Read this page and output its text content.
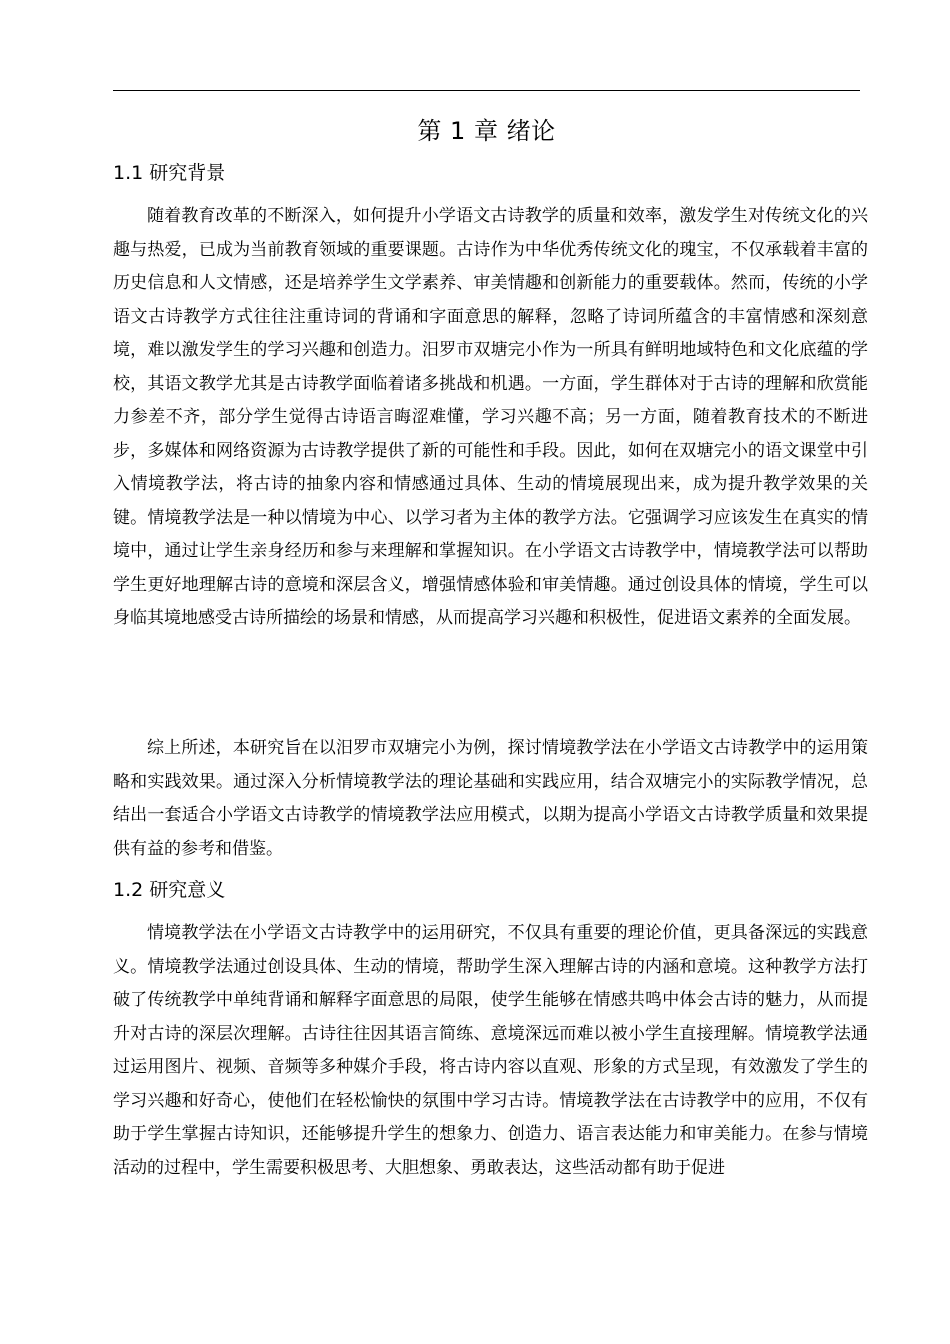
第 1 章 绪论
1.1 研究背景

随着教育改革的不断深入，如何提升小学语文古诗教学的质量和效率，激发学生对传统文化的兴趣与热爱，已成为当前教育领域的重要课题。古诗作为中华优秀传统文化的瑰宝，不仅承载着丰富的历史信息和人文情感，还是培养学生文学素养、审美情趣和创新能力的重要载体。然而，传统的小学语文古诗教学方式往往注重诗词的背诵和字面意思的解释，忽略了诗词所蕴含的丰富情感和深刻意境，难以激发学生的学习兴趣和创造力。汨罗市双塘完小作为一所具有鲜明地域特色和文化底蕴的学校，其语文教学尤其是古诗教学面临着诸多挑战和机遇。一方面，学生群体对于古诗的理解和欣赏能力参差不齐，部分学生觉得古诗语言晦涩难懂，学习兴趣不高；另一方面，随着教育技术的不断进步，多媒体和网络资源为古诗教学提供了新的可能性和手段。因此，如何在双塘完小的语文课堂中引入情境教学法，将古诗的抽象内容和情感通过具体、生动的情境展现出来，成为提升教学效果的关键。情境教学法是一种以情境为中心、以学习者为主体的教学方法。它强调学习应该发生在真实的情境中，通过让学生亲身经历和参与来理解和掌握知识。在小学语文古诗教学中，情境教学法可以帮助学生更好地理解古诗的意境和深层含义，增强情感体验和审美情趣。通过创设具体的情境，学生可以身临其境地感受古诗所描绘的场景和情感，从而提高学习兴趣和积极性，促进语文素养的全面发展。

综上所述，本研究旨在以汨罗市双塘完小为例，探讨情境教学法在小学语文古诗教学中的运用策略和实践效果。通过深入分析情境教学法的理论基础和实践应用，结合双塘完小的实际教学情况，总结出一套适合小学语文古诗教学的情境教学法应用模式，以期为提高小学语文古诗教学质量和效果提供有益的参考和借鉴。

1.2 研究意义

情境教学法在小学语文古诗教学中的运用研究，不仅具有重要的理论价值，更具备深远的实践意义。情境教学法通过创设具体、生动的情境，帮助学生深入理解古诗的内涵和意境。这种教学方法打破了传统教学中单纯背诵和解释字面意思的局限，使学生能够在情感共鸣中体会古诗的魅力，从而提升对古诗的深层次理解。古诗往往因其语言简练、意境深远而难以被小学生直接理解。情境教学法通过运用图片、视频、音频等多种媒介手段，将古诗内容以直观、形象的方式呈现，有效激发了学生的学习兴趣和好奇心，使他们在轻松愉快的氛围中学习古诗。情境教学法在古诗教学中的应用，不仅有助于学生掌握古诗知识，还能够提升学生的想象力、创造力、语言表达能力和审美能力。在参与情境活动的过程中，学生需要积极思考、大胆想象、勇敢表达，这些活动都有助于促进
